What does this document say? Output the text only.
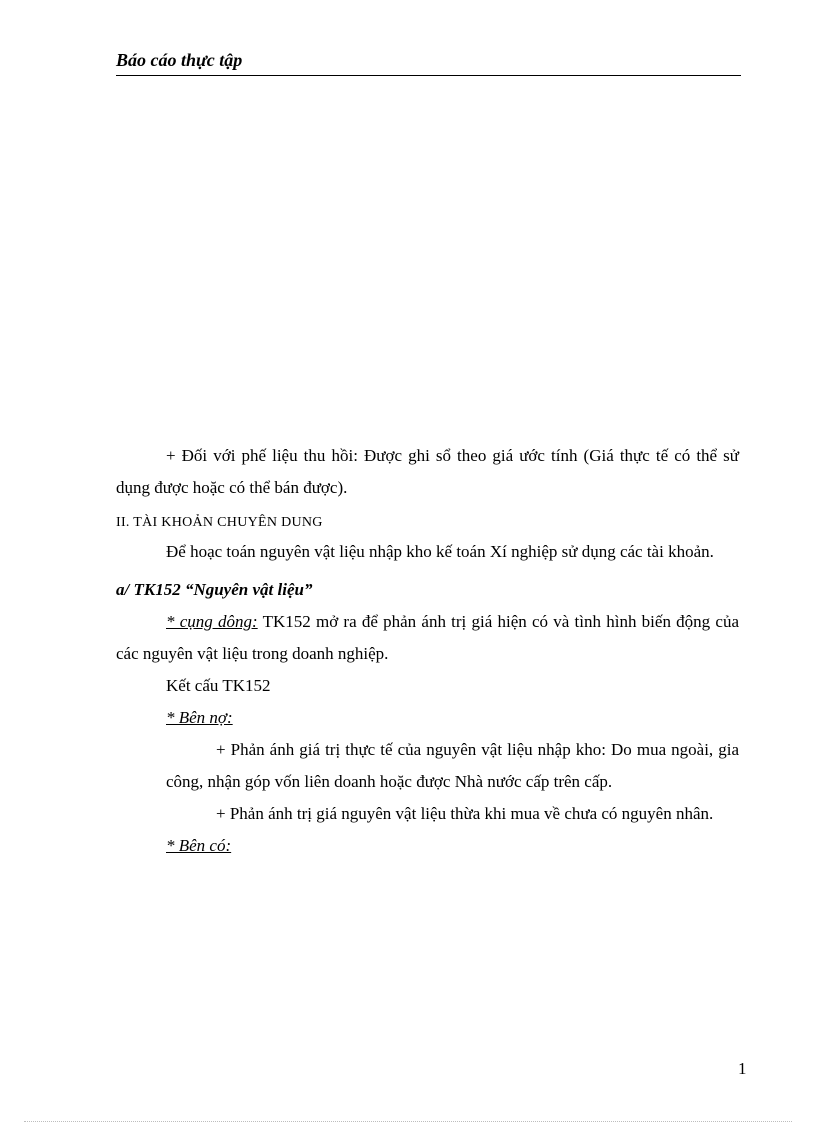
Báo cáo thực tập

+ Đối với phế liệu thu hồi: Được ghi sổ theo giá ước tính (Giá thực tế có thể sử dụng được hoặc có thể bán được).

II. TÀI KHOẢN CHUYÊN DUNG

Để hoạc toán nguyên vật liệu nhập kho kế toán Xí nghiệp sử dụng các tài khoản.

a/ TK152 “Nguyên vật liệu”

* cụng dông: TK152 mở ra để phản ánh trị giá hiện có và tình hình biến động của các nguyên vật liệu trong doanh nghiệp.

Kết cấu TK152

* Bên nợ:

+ Phản ánh giá trị thực tế của nguyên vật liệu nhập kho: Do mua ngoài, gia công, nhận góp vốn liên doanh hoặc được Nhà nước cấp trên cấp.

+ Phản ánh trị giá nguyên vật liệu thừa khi mua về chưa có nguyên nhân.

* Bên có:

1
